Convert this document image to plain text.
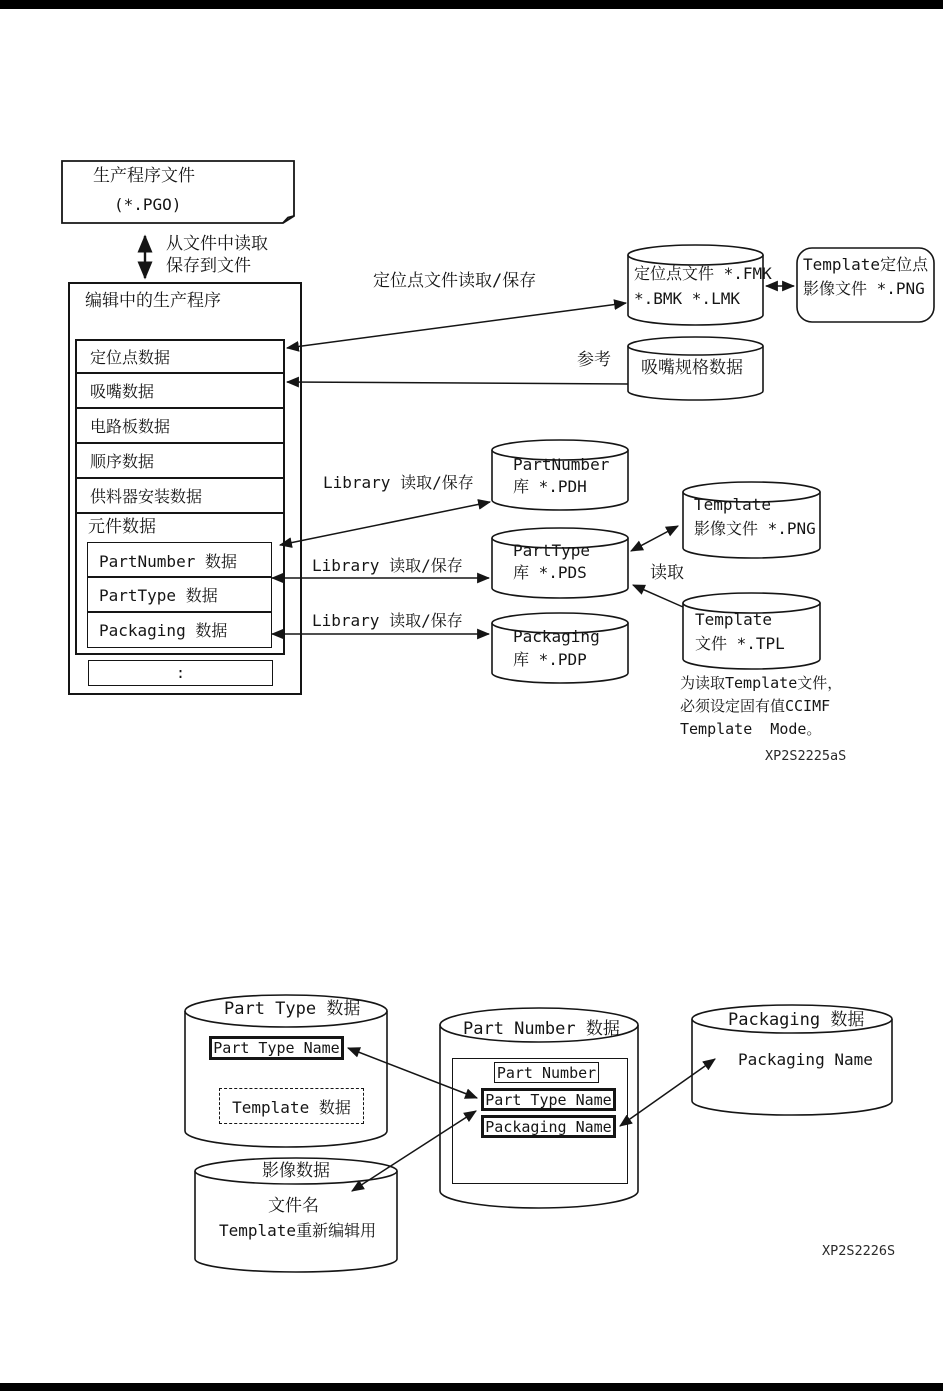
生产程序文件
(*.PGO)
从文件中读取
保存到文件
编辑中的生产程序
定位点数据
吸嘴数据
电路板数据
顺序数据
供料器安装数据
元件数据
PartNumber 数据
PartType 数据
Packaging 数据
:
定位点文件读取/保存
参考
Library 读取/保存
Library 读取/保存
Library 读取/保存
读取
定位点文件 *.FMK
*.BMK *.LMK
Template定位点
影像文件 *.PNG
吸嘴规格数据
PartNumber
库 *.PDH
PartType
库 *.PDS
Packaging
库 *.PDP
Template
影像文件 *.PNG
Template
文件 *.TPL
为读取Template文件，
必须设定固有值CCIMF
Template  Mode。
XP2S2225aS
Part Type 数据
Part Type Name
Template 数据
Part Number 数据
Part Number
Part Type Name
Packaging Name
Packaging 数据
Packaging Name
影像数据
文件名
Template重新编辑用
XP2S2226S
